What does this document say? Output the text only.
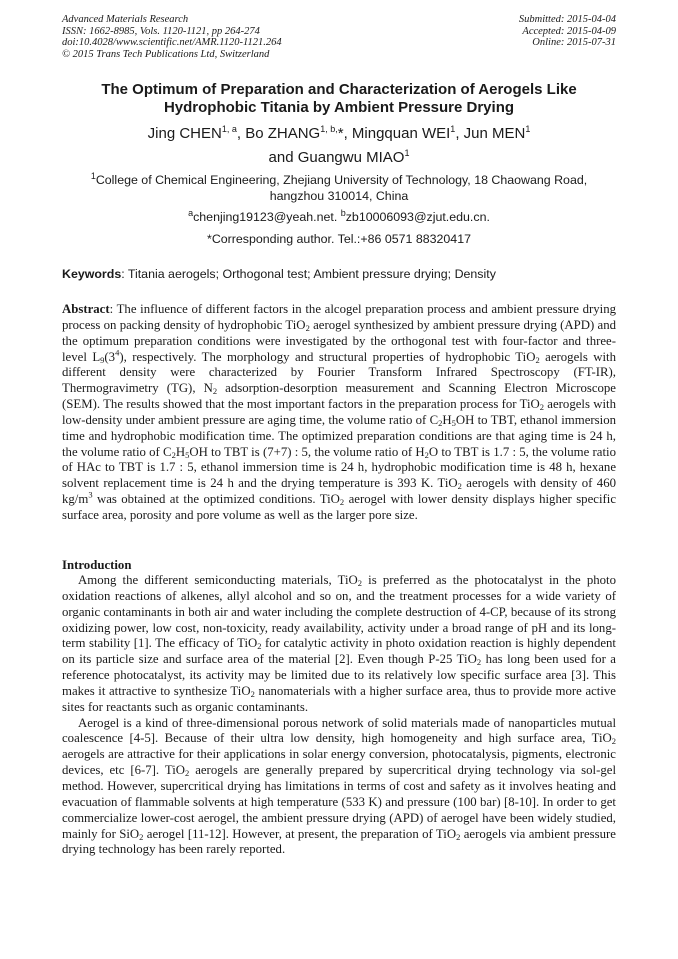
Advanced Materials Research
ISSN: 1662-8985, Vols. 1120-1121, pp 264-274
doi:10.4028/www.scientific.net/AMR.1120-1121.264
© 2015 Trans Tech Publications Ltd, Switzerland
Submitted: 2015-04-04
Accepted: 2015-04-09
Online: 2015-07-31
The Optimum of Preparation and Characterization of Aerogels Like
Hydrophobic Titania by Ambient Pressure Drying
Jing CHEN$^{1, a}$, Bo $ZHANG^{1, b,}*$, Mingquan WEI$^1$, Jun MEN$^1$
and Guangwu MIAO$^1$
$^1$College of Chemical Engineering, Zhejiang University of Technology, 18 Chaowang Road,
hangzhou 310014, China
$^a$chenjing19123@yeah.net. $^b$zb10006093@zjut.edu.cn.
*Corresponding author. Tel.:+86 0571 88320417
Keywords: Titania aerogels; Orthogonal test; Ambient pressure drying; Density
Abstract: The influence of different factors in the alcogel preparation process and ambient pressure drying process on packing density of hydrophobic TiO$_2$ aerogel synthesized by ambient pressure drying (APD) and the optimum preparation conditions were investigated by the orthogonal test with four-factor and three-level $L_9(3^4)$, respectively. The morphology and structural properties of hydrophobic TiO$_2$ aerogels with different density were characterized by Fourier Transform Infrared Spectroscopy (FT-IR), Thermogravimetry (TG), $N_2$ adsorption-desorption measurement and Scanning Electron Microscope (SEM). The results showed that the most important factors in the preparation process for TiO$_2$ aerogels with low-density under ambient pressure are aging time, the volume ratio of $C_2H_5OH$ to TBT, ethanol immersion time and hydrophobic modification time. The optimized preparation conditions are that aging time is 24 h, the volume ratio of $C_2H_5OH$ to TBT is (7+7) : 5, the volume ratio of $H_2O$ to TBT is 1.7 : 5, the volume ratio of HAc to TBT is 1.7 : 5, ethanol immersion time is 24 h, hydrophobic modification time is 48 h, hexane solvent replacement time is 24 h and the drying temperature is 393 K. TiO$_2$ aerogels with density of 460 $kg/m^3$ was obtained at the optimized conditions. TiO$_2$ aerogel with lower density displays higher specific surface area, porosity and pore volume as well as the larger pore size.
Introduction

Among the different semiconducting materials, TiO$_2$ is preferred as the photocatalyst in the photo oxidation reactions of alkenes, allyl alcohol and so on, and the treatment processes for a wide variety of organic contaminants in both air and water including the complete destruction of 4-CP, because of its strong oxidizing power, low cost, non-toxicity, ready availability, activity under a broad range of pH and its long-term stability [1]. The efficacy of TiO$_2$ for catalytic activity in photo oxidation reaction is highly dependent on its particle size and surface area of the material [2]. Even though P-25 TiO$_2$ has long been used for a reference photocatalyst, its activity may be limited due to its relatively low specific surface area [3]. This makes it attractive to synthesize TiO$_2$ nanomaterials with a higher surface area, thus to provide more active sites for reactants such as organic contaminants.

Aerogel is a kind of three-dimensional porous network of solid materials made of nanoparticles mutual coalescence [4-5]. Because of their ultra low density, high homogeneity and high surface area, TiO$_2$ aerogels are attractive for their applications in solar energy conversion, photocatalysis, pigments, electronic devices, etc [6-7]. TiO$_2$ aerogels are generally prepared by supercritical drying technology via sol-gel method. However, supercritical drying has limitations in terms of cost and safety as it involves heating and evacuation of flammable solvents at high temperature (533 K) and pressure (100 bar) [8-10]. In order to get commercialize lower-cost aerogel, the ambient pressure drying (APD) of aerogel have been widely studied, mainly for SiO$_2$ aerogel [11-12]. However, at present, the preparation of TiO$_2$ aerogels via ambient pressure drying technology has been rarely reported.
